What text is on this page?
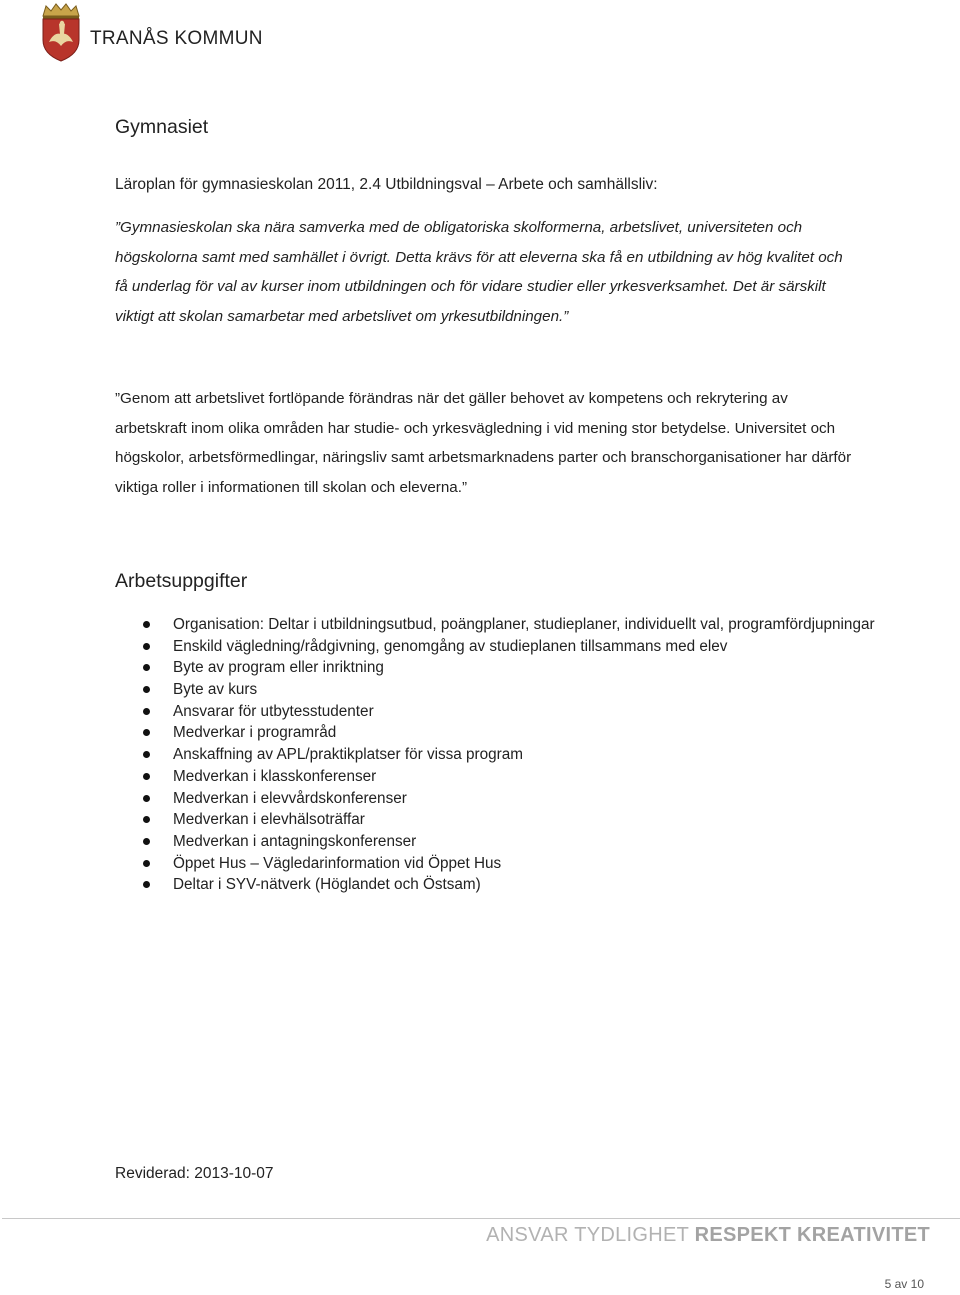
TRANÅS KOMMUN
Gymnasiet
Läroplan för gymnasieskolan 2011, 2.4 Utbildningsval – Arbete och samhällsliv:
”Gymnasieskolan ska nära samverka med de obligatoriska skolformerna, arbetslivet, universiteten och högskolorna samt med samhället i övrigt. Detta krävs för att eleverna ska få en utbildning av hög kvalitet och få underlag för val av kurser inom utbildningen och för vidare studier eller yrkesverksamhet. Det är särskilt viktigt att skolan samarbetar med arbetslivet om yrkesutbildningen.”
”Genom att arbetslivet fortlöpande förändras när det gäller behovet av kompetens och rekrytering av arbetskraft inom olika områden har studie- och yrkesvägledning i vid mening stor betydelse. Universitet och högskolor, arbetsförmedlingar, näringsliv samt arbetsmarknadens parter och branschorganisationer har därför viktiga roller i informationen till skolan och eleverna.”
Arbetsuppgifter
Organisation: Deltar i utbildningsutbud, poängplaner, studieplaner, individuellt val, programfördjupningar
Enskild vägledning/rådgivning, genomgång av studieplanen tillsammans med elev
Byte av program eller inriktning
Byte av kurs
Ansvarar för utbytesstudenter
Medverkar i programråd
Anskaffning av APL/praktikplatser för vissa program
Medverkan i klasskonferenser
Medverkan i elevvårdskonferenser
Medverkan i elevhälsoträffar
Medverkan i antagningskonferenser
Öppet Hus – Vägledarinformation vid Öppet Hus
Deltar i SYV-nätverk (Höglandet och Östsam)
Reviderad: 2013-10-07
ANSVAR TYDLIGHET RESPEKT KREATIVITET
5 av 10
